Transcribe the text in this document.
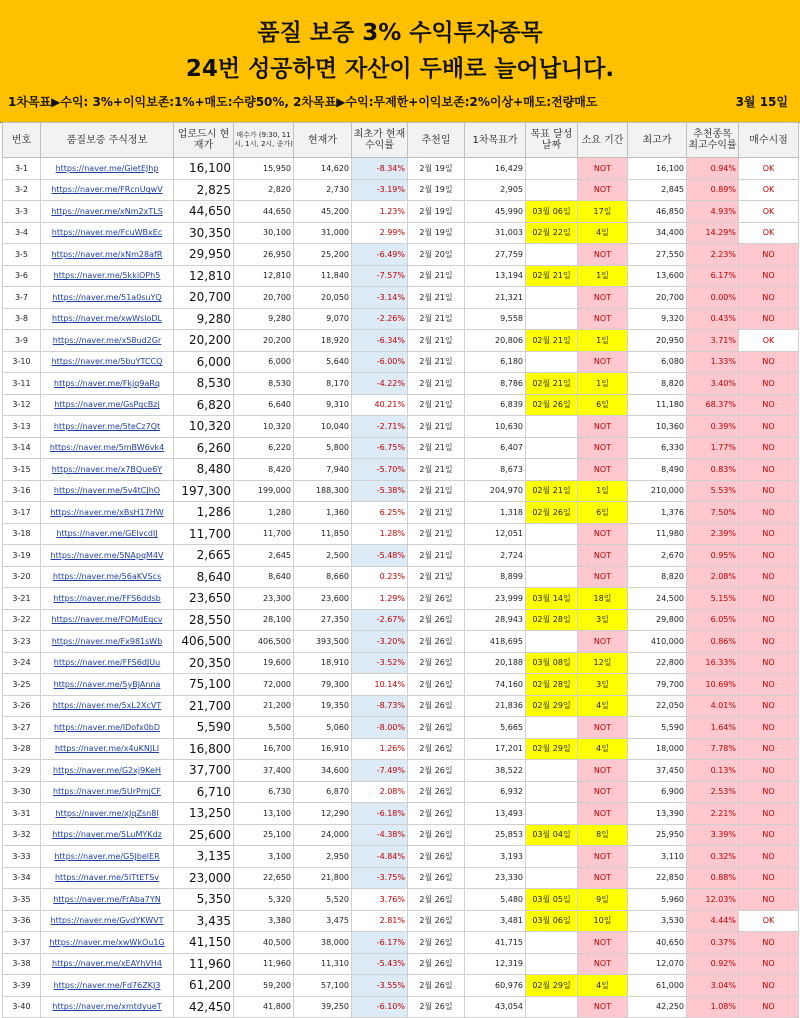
품질 보증 3% 수익투자종목
24번 성공하면 자산이 두배로 늘어납니다.
1차목표▶수익: 3%+이익보존:1%+매도:수량50%, 2차목표▶수익:무제한+이익보존:2%이상+매도:전량매도	3월 15일
번호	품질보증 주식정보	업로드시 현재가	매수가 (9:30, 11시, 1시, 2시, 종가)	현재가	최초가 현재수익률	추천일	1차목표가	목표 달성날짜	소요 기간	최고가	추천종목 최고수익률	매수시점
3-1	https://naver.me/GietEJhp	16,100	15,950	14,620	-8.34%	2월 19일	16,429		NOT	16,100	0.94%	OK
3-2	https://naver.me/FRcnUqwV	2,825	2,820	2,730	-3.19%	2월 19일	2,905		NOT	2,845	0.89%	OK
3-3	https://naver.me/xNm2xTLS	44,650	44,650	45,200	1.23%	2월 19일	45,990	03월 06일	17일	46,850	4.93%	OK
3-4	https://naver.me/FcuWBxEc	30,350	30,100	31,000	2.99%	2월 19일	31,003	02월 22일	4일	34,400	14.29%	OK
3-5	https://naver.me/xNm28afR	29,950	26,950	25,200	-6.49%	2월 20일	27,759		NOT	27,550	2.23%	NO
3-6	https://naver.me/5kkiOPh5	12,810	12,810	11,840	-7.57%	2월 21일	13,194	02월 21일	1일	13,600	6.17%	NO
3-7	https://naver.me/51a0suYQ	20,700	20,700	20,050	-3.14%	2월 21일	21,321		NOT	20,700	0.00%	NO
3-8	https://naver.me/xwWsloDL	9,280	9,280	9,070	-2.26%	2월 21일	9,558		NOT	9,320	0.43%	NO
3-9	https://naver.me/x58ud2Gr	20,200	20,200	18,920	-6.34%	2월 21일	20,806	02월 21일	1일	20,950	3.71%	OK
3-10	https://naver.me/5buYTCCQ	6,000	6,000	5,640	-6.00%	2월 21일	6,180		NOT	6,080	1.33%	NO
3-11	https://naver.me/Fkjq9aRq	8,530	8,530	8,170	-4.22%	2월 21일	8,786	02월 21일	1일	8,820	3.40%	NO
3-12	https://naver.me/GsPqcBzj	6,820	6,640	9,310	40.21%	2월 21일	6,839	02월 26일	6일	11,180	68.37%	NO
3-13	https://naver.me/5teCz7Qt	10,320	10,320	10,040	-2.71%	2월 21일	10,630		NOT	10,360	0.39%	NO
3-14	https://naver.me/5mBW6vk4	6,260	6,220	5,800	-6.75%	2월 21일	6,407		NOT	6,330	1.77%	NO
3-15	https://naver.me/x7BQue6Y	8,480	8,420	7,940	-5.70%	2월 21일	8,673		NOT	8,490	0.83%	NO
3-16	https://naver.me/5v4tCJhO	197,300	199,000	188,300	-5.38%	2월 21일	204,970	02월 21일	1일	210,000	5.53%	NO
3-17	https://naver.me/xBsH17HW	1,286	1,280	1,360	6.25%	2월 21일	1,318	02월 26일	6일	1,376	7.50%	NO
3-18	https://naver.me/GEIvcdIJ	11,700	11,700	11,850	1.28%	2월 21일	12,051		NOT	11,980	2.39%	NO
3-19	https://naver.me/5NApqM4V	2,665	2,645	2,500	-5.48%	2월 21일	2,724		NOT	2,670	0.95%	NO
3-20	https://naver.me/56aKVScs	8,640	8,640	8,660	0.23%	2월 21일	8,899		NOT	8,820	2.08%	NO
3-21	https://naver.me/FFS6ddsb	23,650	23,300	23,600	1.29%	2월 26일	23,999	03월 14일	18일	24,500	5.15%	NO
3-22	https://naver.me/FOMdEqcv	28,550	28,100	27,350	-2.67%	2월 26일	28,943	02월 28일	3일	29,800	6.05%	NO
3-23	https://naver.me/Fx981sWb	406,500	406,500	393,500	-3.20%	2월 26일	418,695		NOT	410,000	0.86%	NO
3-24	https://naver.me/FFS6dJUu	20,350	19,600	18,910	-3.52%	2월 26일	20,188	03월 08일	12일	22,800	16.33%	NO
3-25	https://naver.me/5yBJAnna	75,100	72,000	79,300	10.14%	2월 26일	74,160	02월 28일	3일	79,700	10.69%	NO
3-26	https://naver.me/5xL2XcVT	21,700	21,200	19,350	-8.73%	2월 26일	21,836	02월 29일	4일	22,050	4.01%	NO
3-27	https://naver.me/IDofx0bD	5,590	5,500	5,060	-8.00%	2월 26일	5,665		NOT	5,590	1.64%	NO
3-28	https://naver.me/x4uKNJLI	16,800	16,700	16,910	1.26%	2월 26일	17,201	02월 29일	4일	18,000	7.78%	NO
3-29	https://naver.me/G2xj9KeH	37,700	37,400	34,600	-7.49%	2월 26일	38,522		NOT	37,450	0.13%	NO
3-30	https://naver.me/5UrPmjCF	6,710	6,730	6,870	2.08%	2월 26일	6,932		NOT	6,900	2.53%	NO
3-31	https://naver.me/xJqZsn8l	13,250	13,100	12,290	-6.18%	2월 26일	13,493		NOT	13,390	2.21%	NO
3-32	https://naver.me/5LuMYKdz	25,600	25,100	24,000	-4.38%	2월 26일	25,853	03월 04일	8일	25,950	3.39%	NO
3-33	https://naver.me/G5JbelER	3,135	3,100	2,950	-4.84%	2월 26일	3,193		NOT	3,110	0.32%	NO
3-34	https://naver.me/5ITtETSv	23,000	22,650	21,800	-3.75%	2월 26일	23,330		NOT	22,850	0.88%	NO
3-35	https://naver.me/FrAba7YN	5,350	5,320	5,520	3.76%	2월 26일	5,480	03월 05일	9일	5,960	12.03%	NO
3-36	https://naver.me/GvdYKWVT	3,435	3,380	3,475	2.81%	2월 26일	3,481	03월 06일	10일	3,530	4.44%	OK
3-37	https://naver.me/xwWkOu1G	41,150	40,500	38,000	-6.17%	2월 26일	41,715		NOT	40,650	0.37%	NO
3-38	https://naver.me/xEAYhVH4	11,960	11,960	11,310	-5.43%	2월 26일	12,319		NOT	12,070	0.92%	NO
3-39	https://naver.me/Fd76ZKJ3	61,200	59,200	57,100	-3.55%	2월 26일	60,976	02월 29일	4일	61,000	3.04%	NO
3-40	https://naver.me/xmtdyueT	42,450	41,800	39,250	-6.10%	2월 26일	43,054		NOT	42,250	1.08%	NO
